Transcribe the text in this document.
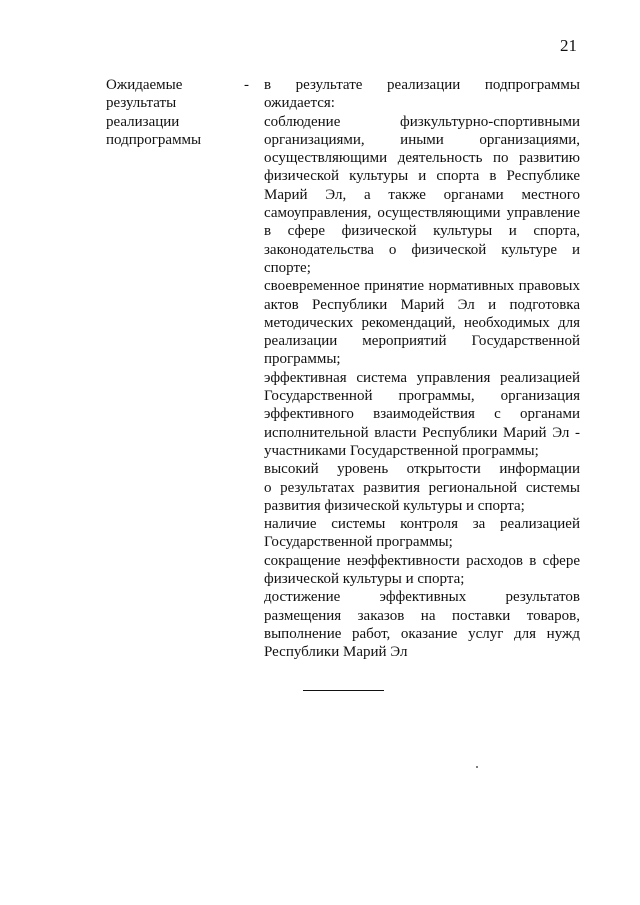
21
Ожидаемые
результаты
реализации
подпрограммы
- в результате реализации подпрограммы
ожидается:
соблюдение физкультурно-спортивными
организациями, иными организациями,
осуществляющими деятельность по развитию
физической культуры и спорта в Республике
Марий Эл, а также органами местного
самоуправления, осуществляющими управление
в сфере физической культуры и спорта,
законодательства о физической культуре и
спорте;
своевременное принятие нормативных правовых
актов Республики Марий Эл и подготовка
методических рекомендаций, необходимых для
реализации мероприятий Государственной
программы;
эффективная система управления реализацией
Государственной программы, организация
эффективного взаимодействия с органами
исполнительной власти Республики Марий Эл -
участниками Государственной программы;
высокий уровень открытости информации
о результатах развития региональной системы
развития физической культуры и спорта;
наличие системы контроля за реализацией
Государственной программы;
сокращение неэффективности расходов в сфере
физической культуры и спорта;
достижение эффективных результатов
размещения заказов на поставки товаров,
выполнение работ, оказание услуг для нужд
Республики Марий Эл
